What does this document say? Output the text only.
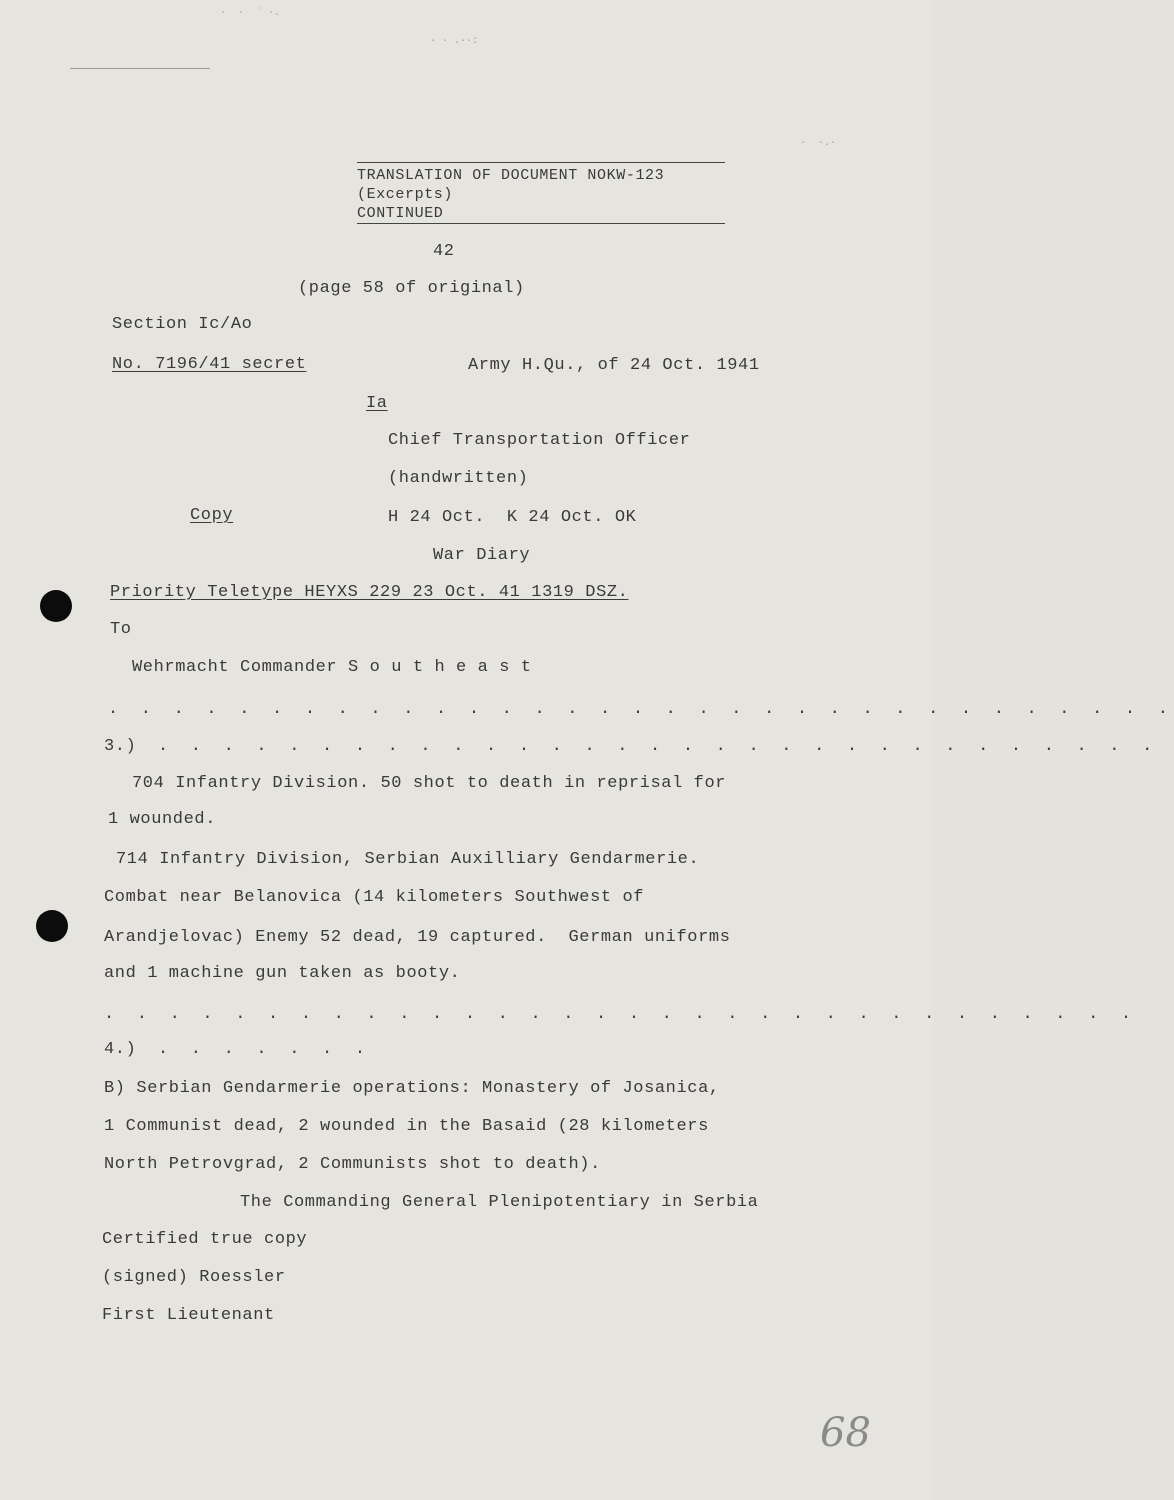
·  ·  ˙ ·.
· ∙ .·∙:
·  ·.·
TRANSLATION OF DOCUMENT NOKW-123
(Excerpts)
CONTINUED
42
(page 58 of original)
Section Ic/Ao
No. 7196/41 secret	Army H.Qu., of 24 Oct. 1941
Ia
Chief Transportation Officer
(handwritten)
Copy	H 24 Oct.  K 24 Oct. OK
War Diary
Priority Teletype HEYXS 229 23 Oct. 41 1319 DSZ.
To
Wehrmacht Commander S o u t h e a s t
. . . . . . . . . . . . . . . . . . . . . . . . . . . . . . . . .
3.) . . . . . . . . . . . . . . . . . . . . . . . . . . . . . . .
704 Infantry Division. 50 shot to death in reprisal for
1 wounded.
714 Infantry Division, Serbian Auxilliary Gendarmerie.
Combat near Belanovica (14 kilometers Southwest of
Arandjelovac) Enemy 52 dead, 19 captured.  German uniforms
and 1 machine gun taken as booty.
. . . . . . . . . . . . . . . . . . . . . . . . . . . . . . . .
4.) . . . . . . .
B) Serbian Gendarmerie operations: Monastery of Josanica,
1 Communist dead, 2 wounded in the Basaid (28 kilometers
North Petrovgrad, 2 Communists shot to death).
The Commanding General Plenipotentiary in Serbia
Certified true copy
(signed) Roessler
First Lieutenant
68
